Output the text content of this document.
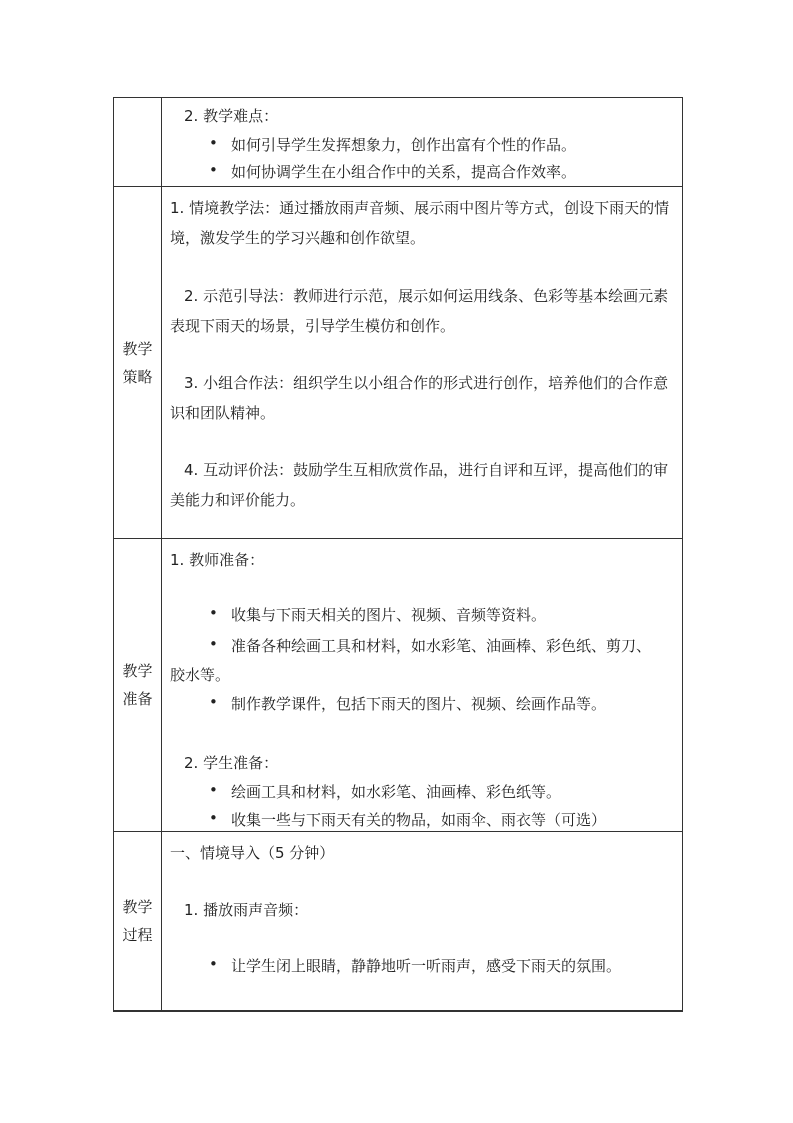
2. 教学难点：
• 如何引导学生发挥想象力，创作出富有个性的作品。
• 如何协调学生在小组合作中的关系，提高合作效率。
教学
策略
1. 情境教学法：通过播放雨声音频、展示雨中图片等方式，创设下雨天的情境，激发学生的学习兴趣和创作欲望。
2. 示范引导法：教师进行示范，展示如何运用线条、色彩等基本绘画元素表现下雨天的场景，引导学生模仿和创作。
3. 小组合作法：组织学生以小组合作的形式进行创作，培养他们的合作意识和团队精神。
4. 互动评价法：鼓励学生互相欣赏作品，进行自评和互评，提高他们的审美能力和评价能力。
教学
准备
1. 教师准备：
• 收集与下雨天相关的图片、视频、音频等资料。
• 准备各种绘画工具和材料，如水彩笔、油画棒、彩色纸、剪刀、
胶水等。
• 制作教学课件，包括下雨天的图片、视频、绘画作品等。
2. 学生准备：
• 绘画工具和材料，如水彩笔、油画棒、彩色纸等。
• 收集一些与下雨天有关的物品，如雨伞、雨衣等（可选）
教学
过程
一、情境导入（5 分钟）
1. 播放雨声音频：
• 让学生闭上眼睛，静静地听一听雨声，感受下雨天的氛围。
